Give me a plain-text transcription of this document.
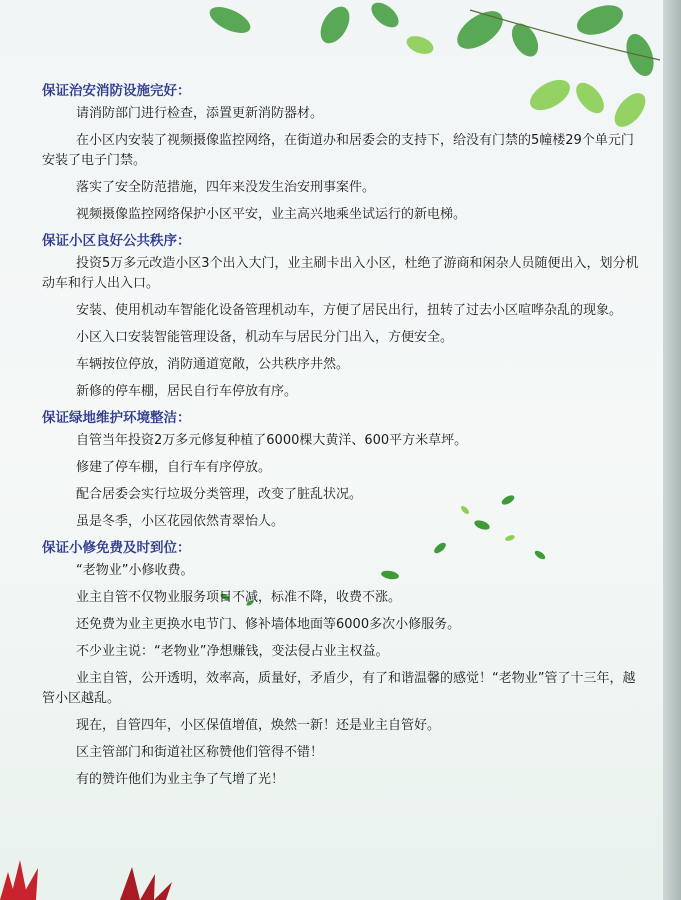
保证治安消防设施完好：

请消防部门进行检查，添置更新消防器材。

在小区内安装了视频摄像监控网络，在街道办和居委会的支持下，给没有门禁的5幢楼29个单元门安装了电子门禁。

落实了安全防范措施，四年来没发生治安刑事案件。

视频摄像监控网络保护小区平安，业主高兴地乘坐试运行的新电梯。

保证小区良好公共秩序：

投资5万多元改造小区3个出入大门，业主刷卡出入小区，杜绝了游商和闲杂人员随便出入，划分机动车和行人出入口。

安装、使用机动车智能化设备管理机动车，方便了居民出行，扭转了过去小区喧哗杂乱的现象。

小区入口安装智能管理设备，机动车与居民分门出入，方便安全。

车辆按位停放，消防通道宽敞，公共秩序井然。

新修的停车棚，居民自行车停放有序。

保证绿地维护环境整洁：

自管当年投资2万多元修复种植了6000棵大黄洋、600平方米草坪。

修建了停车棚，自行车有序停放。

配合居委会实行垃圾分类管理，改变了脏乱状况。

虽是冬季，小区花园依然青翠怡人。

保证小修免费及时到位：

“老物业”小修收费。

业主自管不仅物业服务项目不减，标准不降，收费不涨。

还免费为业主更换水电节门、修补墙体地面等6000多次小修服务。

不少业主说：“老物业”净想赚钱，变法侵占业主权益。

业主自管，公开透明，效率高，质量好，矛盾少，有了和谐温馨的感觉！“老物业”管了十三年，越管小区越乱。

现在，自管四年，小区保值增值，焕然一新！还是业主自管好。

区主管部门和街道社区称赞他们管得不错！

有的赞许他们为业主争了气增了光！
